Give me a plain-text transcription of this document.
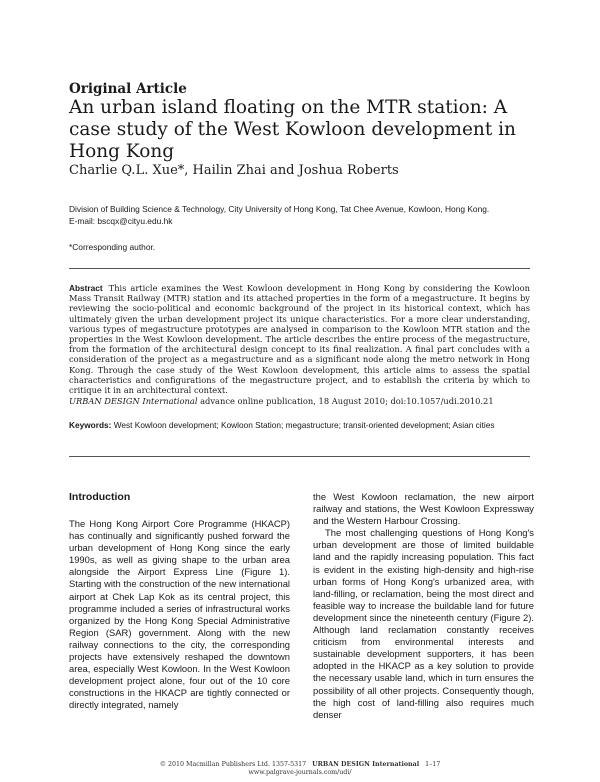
Original Article
An urban island floating on the MTR station: A case study of the West Kowloon development in Hong Kong
Charlie Q.L. Xue*, Hailin Zhai and Joshua Roberts
Division of Building Science & Technology, City University of Hong Kong, Tat Chee Avenue, Kowloon, Hong Kong.
E-mail: bscqx@cityu.edu.hk
*Corresponding author.
Abstract This article examines the West Kowloon development in Hong Kong by considering the Kowloon Mass Transit Railway (MTR) station and its attached properties in the form of a megastructure. It begins by reviewing the socio-political and economic background of the project in its historical context, which has ultimately given the urban development project its unique characteristics. For a more clear understanding, various types of megastructure prototypes are analysed in comparison to the Kowloon MTR station and the properties in the West Kowloon development. The article describes the entire process of the megastructure, from the formation of the architectural design concept to its final realization. A final part concludes with a consideration of the project as a megastructure and as a significant node along the metro network in Hong Kong. Through the case study of the West Kowloon development, this article aims to assess the spatial characteristics and configurations of the megastructure project, and to establish the criteria by which to critique it in an architectural context.
URBAN DESIGN International advance online publication, 18 August 2010; doi:10.1057/udi.2010.21
Keywords: West Kowloon development; Kowloon Station; megastructure; transit-oriented development; Asian cities
Introduction

The Hong Kong Airport Core Programme (HKACP) has continually and significantly pushed forward the urban development of Hong Kong since the early 1990s, as well as giving shape to the urban area alongside the Airport Express Line (Figure 1). Starting with the construction of the new international airport at Chek Lap Kok as its central project, this programme included a series of infrastructural works organized by the Hong Kong Special Administrative Region (SAR) government. Along with the new railway connections to the city, the corresponding projects have extensively reshaped the downtown area, especially West Kowloon. In the West Kowloon development project alone, four out of the 10 core constructions in the HKACP are tightly connected or directly integrated, namely

the West Kowloon reclamation, the new airport railway and stations, the West Kowloon Expressway and the Western Harbour Crossing.

The most challenging questions of Hong Kong's urban development are those of limited buildable land and the rapidly increasing population. This fact is evident in the existing high-density and high-rise urban forms of Hong Kong's urbanized area, with land-filling, or reclamation, being the most direct and feasible way to increase the buildable land for future development since the nineteenth century (Figure 2). Although land reclamation constantly receives criticism from environmental interests and sustainable development supporters, it has been adopted in the HKACP as a key solution to provide the necessary usable land, which in turn ensures the possibility of all other projects. Consequently though, the high cost of land-filling also requires much denser

© 2010 Macmillan Publishers Ltd. 1357-5317 URBAN DESIGN International 1–17
www.palgrave-journals.com/udi/
